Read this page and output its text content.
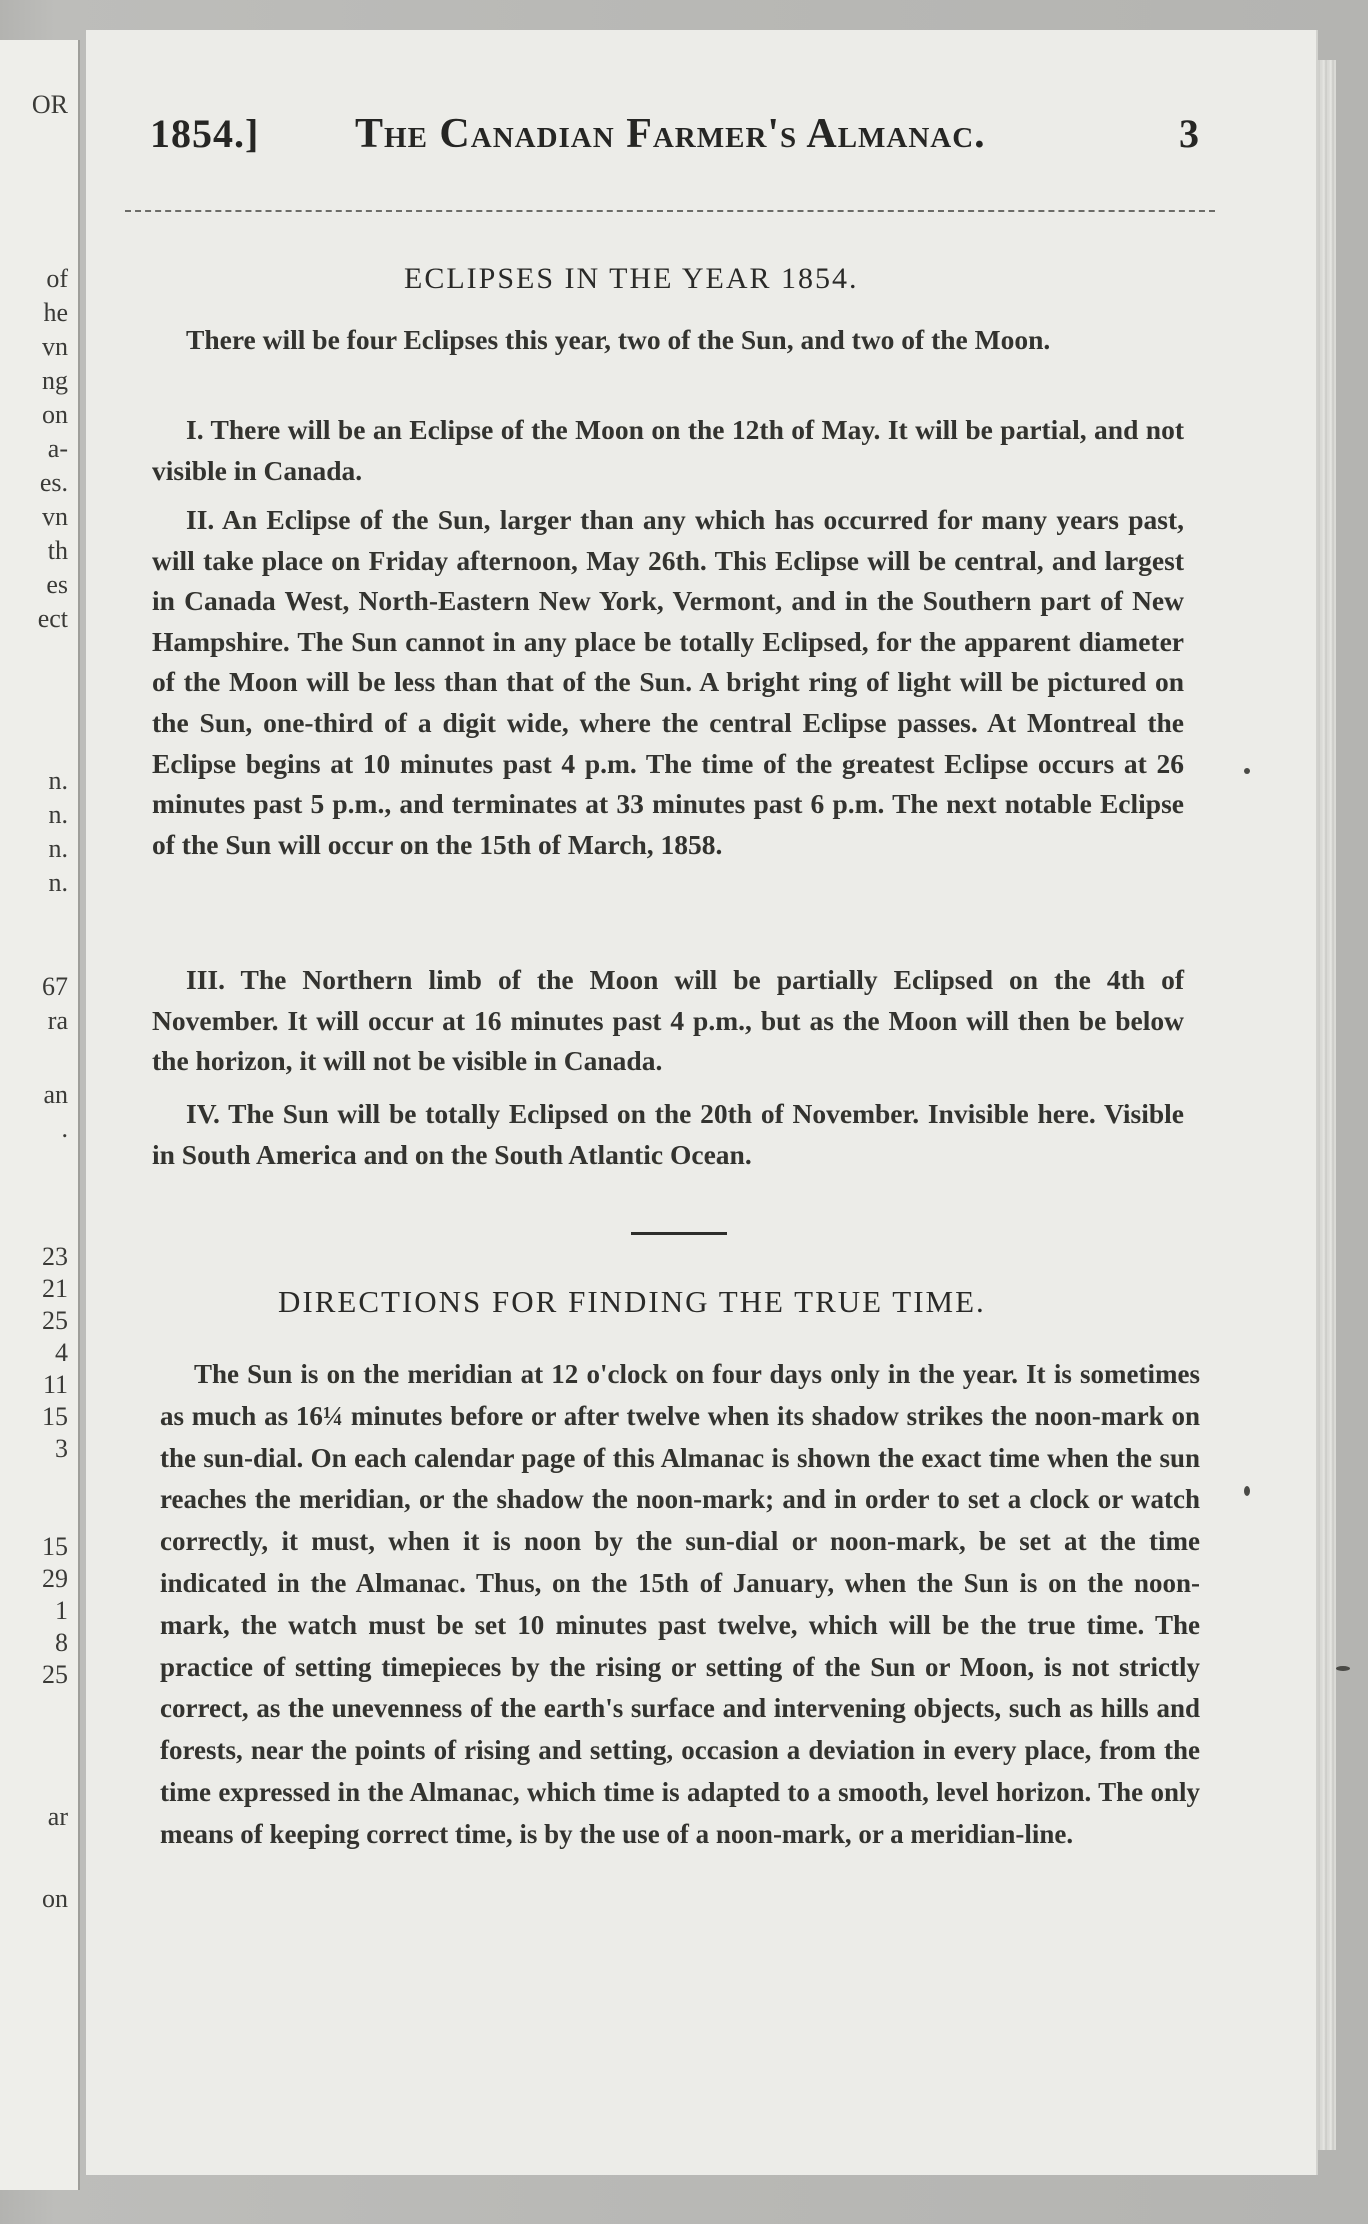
OR
of
he
vn
ng
on
a-
es.
vn
th
es
ect
n.
n.
n.
n.
67
ra
an
.
23
21
25
4
11
15
3
15
29
1
8
25
ar
on
1854.] The Canadian Farmer's Almanac.	3
ECLIPSES IN THE YEAR 1854.
There will be four Eclipses this year, two of the Sun, and two of the Moon.
I. There will be an Eclipse of the Moon on the 12th of May. It will be partial, and not visible in Canada.
II. An Eclipse of the Sun, larger than any which has occurred for many years past, will take place on Friday afternoon, May 26th. This Eclipse will be central, and largest in Canada West, North-Eastern New York, Vermont, and in the Southern part of New Hampshire. The Sun cannot in any place be totally Eclipsed, for the apparent diameter of the Moon will be less than that of the Sun. A bright ring of light will be pictured on the Sun, one-third of a digit wide, where the central Eclipse passes. At Montreal the Eclipse begins at 10 minutes past 4 p.m. The time of the greatest Eclipse occurs at 26 minutes past 5 p.m., and terminates at 33 minutes past 6 p.m. The next notable Eclipse of the Sun will occur on the 15th of March, 1858.
III. The Northern limb of the Moon will be partially Eclipsed on the 4th of November. It will occur at 16 minutes past 4 p.m., but as the Moon will then be below the horizon, it will not be visible in Canada.
IV. The Sun will be totally Eclipsed on the 20th of November. Invisible here. Visible in South America and on the South Atlantic Ocean.
DIRECTIONS FOR FINDING THE TRUE TIME.
The Sun is on the meridian at 12 o'clock on four days only in the year. It is sometimes as much as 16¼ minutes before or after twelve when its shadow strikes the noon-mark on the sun-dial. On each calendar page of this Almanac is shown the exact time when the sun reaches the meridian, or the shadow the noon-mark; and in order to set a clock or watch correctly, it must, when it is noon by the sun-dial or noon-mark, be set at the time indicated in the Almanac. Thus, on the 15th of January, when the Sun is on the noon-mark, the watch must be set 10 minutes past twelve, which will be the true time. The practice of setting timepieces by the rising or setting of the Sun or Moon, is not strictly correct, as the unevenness of the earth's surface and intervening objects, such as hills and forests, near the points of rising and setting, occasion a deviation in every place, from the time expressed in the Almanac, which time is adapted to a smooth, level horizon. The only means of keeping correct time, is by the use of a noon-mark, or a meridian-line.
